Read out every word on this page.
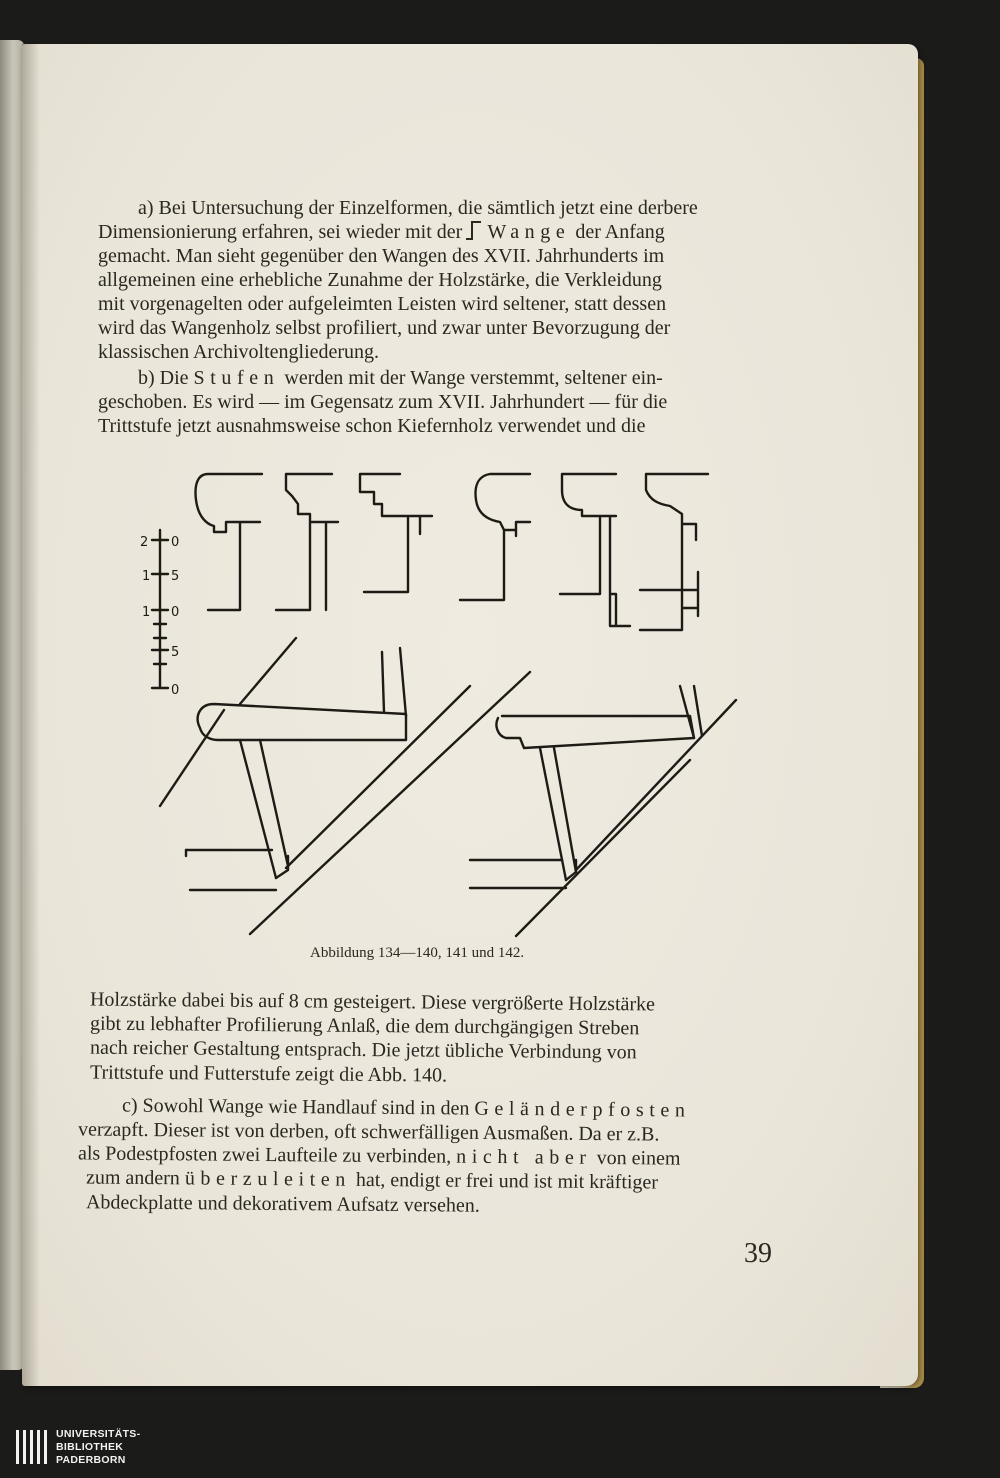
a) Bei Untersuchung der Einzelformen, die sämtlich jetzt eine derbere
Dimensionierung erfahren, sei wieder mit der Wange der Anfang
gemacht. Man sieht gegenüber den Wangen des XVII. Jahrhunderts im
allgemeinen eine erhebliche Zunahme der Holzstärke, die Verkleidung
mit vorgenagelten oder aufgeleimten Leisten wird seltener, statt dessen
wird das Wangenholz selbst profiliert, und zwar unter Bevorzugung der
klassischen Archivoltengliederung.
b) Die Stufen werden mit der Wange verstemmt, seltener ein-
geschoben. Es wird — im Gegensatz zum XVII. Jahrhundert — für die
Trittstufe jetzt ausnahmsweise schon Kiefernholz verwendet und die
Holzstärke dabei bis auf 8 cm gesteigert. Diese vergrößerte Holzstärke
gibt zu lebhafter Profilierung Anlaß, die dem durchgängigen Streben
nach reicher Gestaltung entsprach. Die jetzt übliche Verbindung von
Trittstufe und Futterstufe zeigt die Abb. 140.
c) Sowohl Wange wie Handlauf sind in den Geländerpfosten
verzapft. Dieser ist von derben, oft schwerfälligen Ausmaßen. Da er z.B.
als Podestpfosten zwei Laufteile zu verbinden, nicht aber von einem
zum andern überzuleiten hat, endigt er frei und ist mit kräftiger
Abdeckplatte und dekorativem Aufsatz versehen.
2 0
1 5
1 0
5
0
Abbildung 134—140, 141 und 142.
39
UNIVERSITÄTS-
BIBLIOTHEK
PADERBORN
